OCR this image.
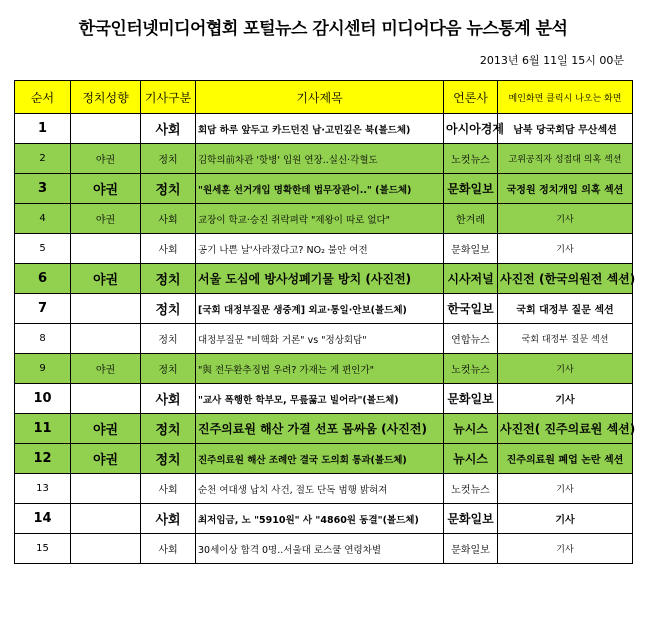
한국인터넷미디어협회 포털뉴스 감시센터 미디어다음 뉴스통계 분석
2013년 6월 11일 15시 00분
순서	정치성향	기사구분	기사제목	언론사	메인화면 클릭시 나오는 화면
1		사회	회담 하루 앞두고 카드던진 남·고민깊은 북(볼드체)	아시아경제	남북 당국회담 무산섹션
2	야권	정치	김학의前차관 '핫병' 입원 연장..실신·각혈도	노컷뉴스	고위공직자 성접대 의혹 섹션
3	야권	정치	"원세훈 선거개입 명확한데 법무장관이.." (볼드체)	문화일보	국정원 정치개입 의혹 섹션
4	야권	사회	교장이 학교·승진 쥐락펴락 "제왕이 따로 없다"	한겨레	기사
5		사회	공기 나쁜 날'사라졌다고? NO₂ 불안 여전	문화일보	기사
6	야권	정치	서울 도심에 방사성폐기물 방치 (사진전)	시사저널	사진전 (한국의원전 섹션)
7		정치	[국회 대정부질문 생중계] 외교·통일·안보(볼드체)	한국일보	국회 대정부 질문 섹션
8		정치	대정부질문 "비핵화 거론" vs "정상회담"	연합뉴스	국회 대정부 질문 섹션
9	야권	정치	"與 전두환추징법 우려? 가재는 게 편인가"	노컷뉴스	기사
10		사회	"교사 폭행한 학부모, 무릎꿇고 빌어라"(볼드체)	문화일보	기사
11	야권	정치	진주의료원 해산 가결 선포 몸싸움 (사진전)	뉴시스	사진전( 진주의료원 섹션)
12	야권	정치	진주의료원 해산 조례안 결국 도의회 통과(볼드체)	뉴시스	진주의료원 폐업 논란 섹션
13		사회	순천 여대생 납치 사건, 절도 단독 범행 밝혀져	노컷뉴스	기사
14		사회	최저임금, 노 "5910원" 사 "4860원 동결"(볼드체)	문화일보	기사
15		사회	30세이상 합격 0명..서울대 로스쿨 연령차별	문화일보	기사
